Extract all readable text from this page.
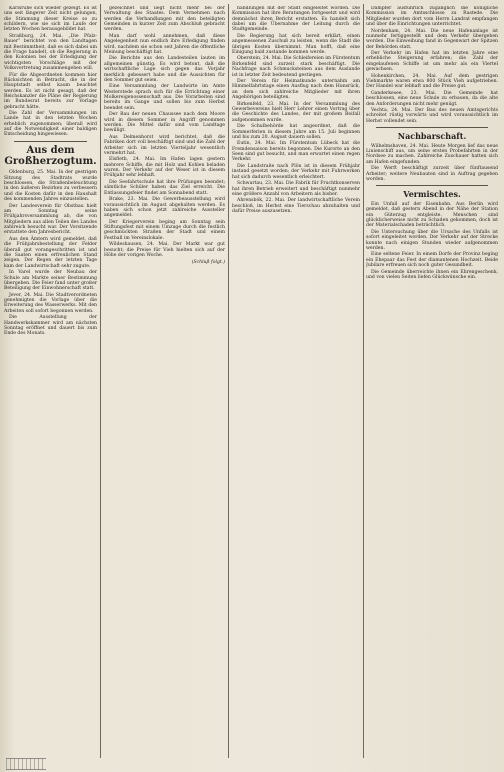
Karlsruhe sich wieder gezeigt. Es ist uns seit längerer Zeit nicht gelungen, die Stimmung dieser Kreise so zu schildern, wie sie sich im Laufe der letzten Wochen herausgebildet hat.

Straßburg, 24. Mai. „Die Pfalz-Bauer“ berichtet von den Landtagen mit Bestimmtheit, daß es sich dabei um die Frage handelt, ob die Regierung in den Kolonien bei der Erledigung der wichtigsten Vorschläge mit der Volksvertretung zusammengehen will.

Für die Abgeordneten kommen hier Rücksichten in Betracht, die in der Hauptstadt selbst kaum beachtet werden. Es ist nicht gesagt, daß der Reichskanzler die Pläne der Regierung im Bundesrat bereits zur Vorlage gebracht hätte.

Die Zahl der Versammlungen im Lande hat in den letzten Wochen erheblich zugenommen; überall wird auf die Notwendigkeit einer baldigen Entscheidung hingewiesen.

Aus dem Großherzogtum.

Oldenburg, 25. Mai. In der gestrigen Sitzung des Stadtrats wurde beschlossen, die Straßenbeleuchtung in den äußeren Bezirken zu verbessern und die Kosten dafür in den Haushalt des kommenden Jahres einzustellen.

Der Landesverein für Obstbau hielt am Sonntag seine Frühjahrsversammlung ab, die von Mitgliedern aus allen Teilen des Landes zahlreich besucht war. Der Vorsitzende erstattete den Jahresbericht.

Aus den Ämtern wird gemeldet, daß die Frühjahrsbestellung der Felder überall gut vorangeschritten ist und die Saaten einen erfreulichen Stand zeigen. Der Regen der letzten Tage kam der Landwirtschaft sehr zugute.

In Varel wurde der Neubau der Schule am Markte seiner Bestimmung übergeben. Die Feier fand unter großer Beteiligung der Einwohnerschaft statt.

Jever, 24. Mai. Die Stadtverordneten genehmigten die Vorlage über die Erweiterung des Wasserwerks. Mit den Arbeiten soll sofort begonnen werden.

Die Ausstellung der Handwerkskammer wird am nächsten Sonntag eröffnet und dauert bis zum Ende des Monats.

gezeichnet und liegt nicht mehr bei der Verwaltung des Staates. Dem Vernehmen nach werden die Verhandlungen mit den beteiligten Gemeinden in kurzer Zeit zum Abschluß gebracht werden.

Man darf wohl annehmen, daß diese Angelegenheit nun endlich ihre Erledigung finden wird, nachdem sie schon seit Jahren die öffentliche Meinung beschäftigt hat.

Die Berichte aus den Landesteilen lauten im allgemeinen günstig. Es wird betont, daß die wirtschaftliche Lage sich gegen das Vorjahr merklich gebessert habe und die Aussichten für den Sommer gut seien.

Eine Versammlung der Landwirte im Amte Westerstede sprach sich für die Errichtung einer Molkereigenossenschaft aus. Die Vorarbeiten sind bereits im Gange und sollen bis zum Herbst beendet sein.

Der Bau der neuen Chaussee nach dem Moore wird in diesem Sommer in Angriff genommen werden. Die Mittel dafür sind vom Landtage bewilligt.

Aus Delmenhorst wird berichtet, daß die Fabriken dort voll beschäftigt sind und die Zahl der Arbeiter sich im letzten Vierteljahr wesentlich vermehrt hat.

Elsfleth, 24. Mai. Im Hafen lagen gestern mehrere Schiffe, die mit Holz und Kohlen beladen waren. Der Verkehr auf der Weser ist in diesem Frühjahr sehr lebhaft.

Die Seefahrtschule hat ihre Prüfungen beendet; sämtliche Schüler haben das Ziel erreicht. Die Entlassungsfeier findet am Sonnabend statt.

Brake, 23. Mai. Die Gewerbeausstellung wird voraussichtlich im August abgehalten werden. Es haben sich schon jetzt zahlreiche Aussteller angemeldet.

Der Kriegerverein beging am Sonntag sein Stiftungsfest mit einem Umzuge durch die festlich geschmückten Straßen der Stadt und einem Festball im Vereinslokale.

Wildeshausen, 24. Mai. Der Markt war gut besucht; die Preise für Vieh hielten sich auf der Höhe der vorigen Woche.

(Schluß folgt.)

handlungen mit der Stadt eingeleitet worden. Die Kommission hat ihre Beratungen fortgesetzt und wird demnächst ihren Bericht erstatten. Es handelt sich dabei um die Übernahme der Leitung durch die Stadtgemeinde.

Die Regierung hat sich bereit erklärt, einen angemessenen Zuschuß zu leisten, wenn die Stadt die übrigen Kosten übernimmt. Man hofft, daß eine Einigung bald zustande kommen werde.

Oberstein, 24. Mai. Die Schleifereien im Fürstentum Birkenfeld sind zurzeit stark beschäftigt. Die Nachfrage nach Schmucksteinen aus dem Auslande ist in letzter Zeit bedeutend gestiegen.

Der Verein für Heimatkunde unternahm am Himmelfahrtstage einen Ausflug nach dem Hunsrück, an dem sich zahlreiche Mitglieder mit ihren Angehörigen beteiligten.

Birkenfeld, 23. Mai. In der Versammlung des Gewerbevereins hielt Herr Lehrer einen Vortrag über die Geschichte des Landes, der mit großem Beifall aufgenommen wurde.

Die Schulbehörde hat angeordnet, daß die Sommerferien in diesem Jahre am 15. Juli beginnen und bis zum 20. August dauern sollen.

Eutin, 24. Mai. Im Fürstentum Lübeck hat die Fremdensaison bereits begonnen. Die Kurorte an den Seen sind gut besucht, und man erwartet einen regen Verkehr.

Die Landstraße nach Plön ist in diesem Frühjahr instand gesetzt worden; der Verkehr mit Fuhrwerken hat sich dadurch wesentlich erleichtert.

Schwartau, 23. Mai. Die Fabrik für Fruchtkonserven hat ihren Betrieb erweitert und beschäftigt nunmehr eine größere Anzahl von Arbeitern als bisher.

Ahrensbök, 22. Mai. Der landwirtschaftliche Verein beschloß, im Herbst eine Tierschau abzuhalten und dafür Preise auszusetzen.

Dampfer ausführlich zugänglich die königliche Kommission im Amtsschlosse zu Rastede. Die Mitglieder wurden dort vom Herrn Landrat empfangen und über die Einrichtungen unterrichtet.

Nordenham, 24. Mai. Die neue Hafenanlage ist nunmehr fertiggestellt und dem Verkehr übergeben worden. Die Einweihung fand in Gegenwart der Spitzen der Behörden statt.

Der Verkehr im Hafen hat im letzten Jahre eine erhebliche Steigerung erfahren; die Zahl der eingelaufenen Schiffe ist um mehr als ein Viertel gewachsen.

Hohenkirchen, 24. Mai. Auf dem gestrigen Viehmarkte waren etwa 800 Stück Vieh aufgetrieben. Der Handel war lebhaft und die Preise gut.

Ganderkesee, 23. Mai. Die Gemeinde hat beschlossen, eine neue Schule zu erbauen, da die alte den Anforderungen nicht mehr genügt.

Vechta, 24. Mai. Der Bau des neuen Amtsgerichts schreitet rüstig vorwärts und wird voraussichtlich im Herbst vollendet sein.

Nachbarschaft.

Wilhelmshaven, 24. Mai. Heute Morgen lief das neue Linienschiff aus, um seine ersten Probefahrten in der Nordsee zu machen. Zahlreiche Zuschauer hatten sich am Hafen eingefunden.

Die Werft beschäftigt zurzeit über fünftausend Arbeiter; weitere Neubauten sind in Auftrag gegeben worden.

Vermischtes.

Ein Unfall auf der Eisenbahn. Aus Berlin wird gemeldet, daß gestern Abend in der Nähe der Station ein Güterzug entgleiste. Menschen sind glücklicherweise nicht zu Schaden gekommen, doch ist der Materialschaden beträchtlich.

Die Untersuchung über die Ursache des Unfalls ist sofort eingeleitet worden. Der Verkehr auf der Strecke konnte nach einigen Stunden wieder aufgenommen werden.

Eine seltene Feier. In einem Dorfe der Provinz beging ein Ehepaar das Fest der diamantenen Hochzeit. Beide Jubilare erfreuen sich noch guter Gesundheit.

Die Gemeinde überreichte ihnen ein Ehrengeschenk, und von vielen Seiten liefen Glückwünsche ein.
